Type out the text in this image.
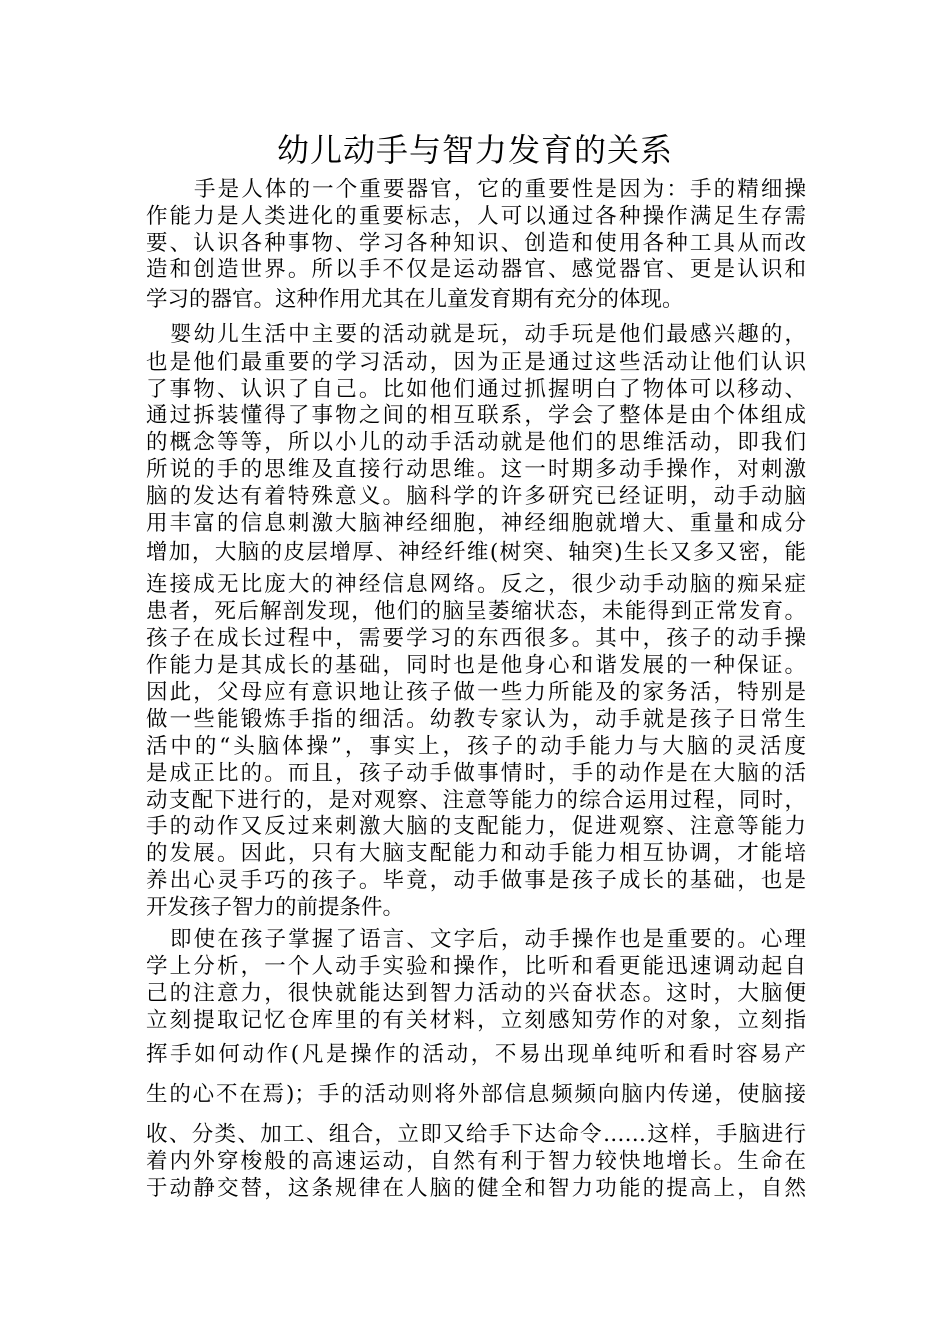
幼儿动手与智力发育的关系
手是人体的一个重要器官，它的重要性是因为：手的精细操
作能力是人类进化的重要标志，人可以通过各种操作满足生存需
要、认识各种事物、学习各种知识、创造和使用各种工具从而改
造和创造世界。所以手不仅是运动器官、感觉器官、更是认识和
学习的器官。这种作用尤其在儿童发育期有充分的体现。
婴幼儿生活中主要的活动就是玩，动手玩是他们最感兴趣的，
也是他们最重要的学习活动，因为正是通过这些活动让他们认识
了事物、认识了自己。比如他们通过抓握明白了物体可以移动、
通过拆装懂得了事物之间的相互联系，学会了整体是由个体组成
的概念等等，所以小儿的动手活动就是他们的思维活动，即我们
所说的手的思维及直接行动思维。这一时期多动手操作，对刺激
脑的发达有着特殊意义。脑科学的许多研究已经证明，动手动脑
用丰富的信息刺激大脑神经细胞，神经细胞就增大、重量和成分
增加，大脑的皮层增厚、神经纤维(树突、轴突)生长又多又密，能
连接成无比庞大的神经信息网络。反之，很少动手动脑的痴呆症
患者，死后解剖发现，他们的脑呈萎缩状态，未能得到正常发育。
孩子在成长过程中，需要学习的东西很多。其中，孩子的动手操
作能力是其成长的基础，同时也是他身心和谐发展的一种保证。
因此，父母应有意识地让孩子做一些力所能及的家务活，特别是
做一些能锻炼手指的细活。幼教专家认为，动手就是孩子日常生
活中的“头脑体操”，事实上，孩子的动手能力与大脑的灵活度
是成正比的。而且，孩子动手做事情时，手的动作是在大脑的活
动支配下进行的，是对观察、注意等能力的综合运用过程，同时，
手的动作又反过来刺激大脑的支配能力，促进观察、注意等能力
的发展。因此，只有大脑支配能力和动手能力相互协调，才能培
养出心灵手巧的孩子。毕竟，动手做事是孩子成长的基础，也是
开发孩子智力的前提条件。
即使在孩子掌握了语言、文字后，动手操作也是重要的。心理
学上分析，一个人动手实验和操作，比听和看更能迅速调动起自
己的注意力，很快就能达到智力活动的兴奋状态。这时，大脑便
立刻提取记忆仓库里的有关材料，立刻感知劳作的对象，立刻指
挥手如何动作(凡是操作的活动，不易出现单纯听和看时容易产
生的心不在焉)；手的活动则将外部信息频频向脑内传递，使脑接
收、分类、加工、组合，立即又给手下达命令……这样，手脑进行
着内外穿梭般的高速运动，自然有利于智力较快地增长。生命在
于动静交替，这条规律在人脑的健全和智力功能的提高上，自然
